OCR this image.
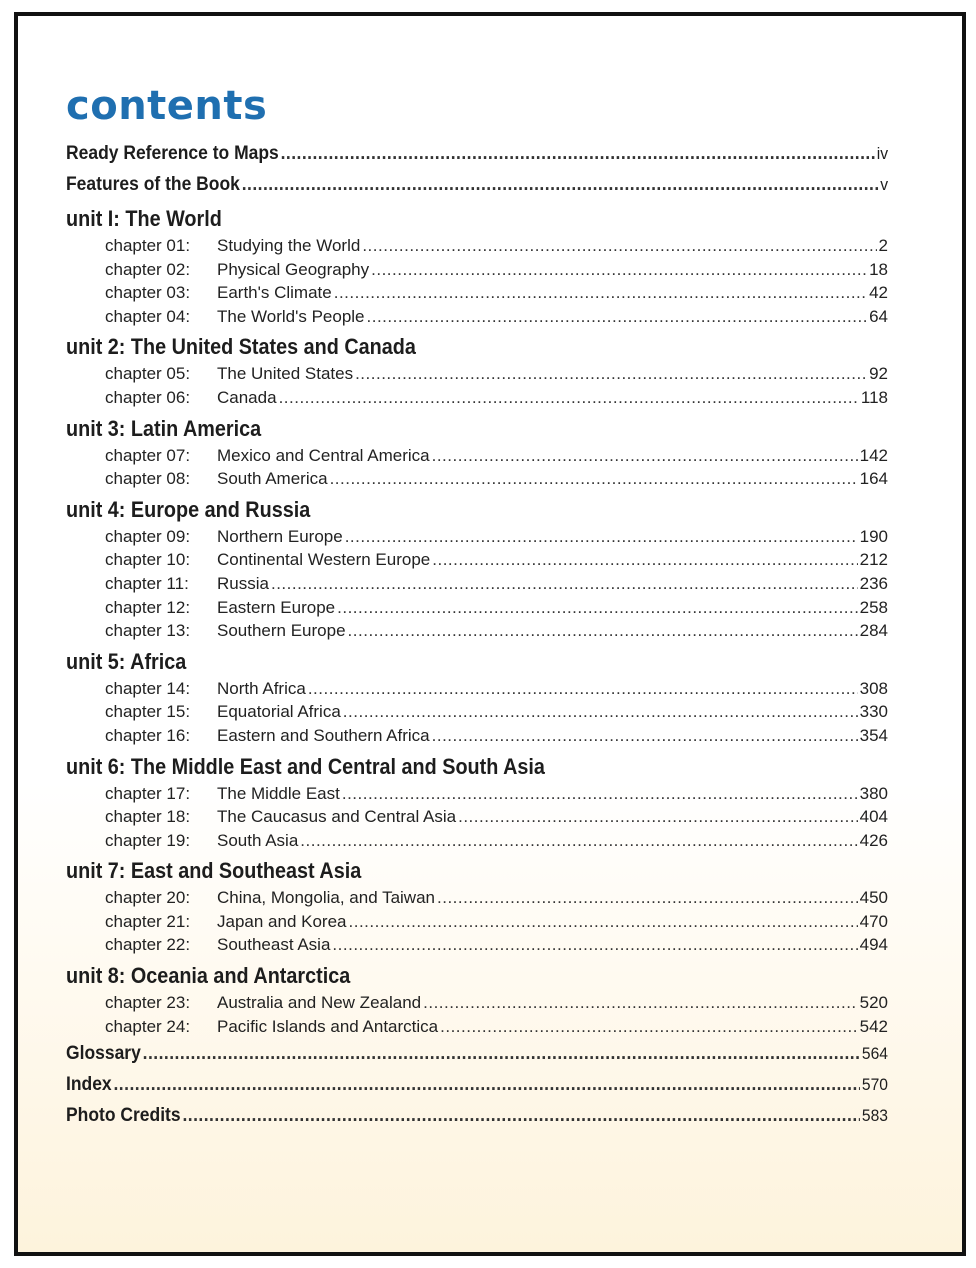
contents
Ready Reference to Maps .....	iv
Features of the Book .....	v
unit I: The World
chapter 01:	Studying the World .....	2
chapter 02:	Physical Geography .....	18
chapter 03:	Earth's Climate .....	42
chapter 04:	The World's People .....	64
unit 2: The United States and Canada
chapter 05:	The United States .....	92
chapter 06:	Canada .....	118
unit 3: Latin America
chapter 07:	Mexico and Central America .....	142
chapter 08:	South America .....	164
unit 4: Europe and Russia
chapter 09:	Northern Europe .....	190
chapter 10:	Continental Western Europe .....	212
chapter 11:	Russia .....	236
chapter 12:	Eastern Europe .....	258
chapter 13:	Southern Europe .....	284
unit 5: Africa
chapter 14:	North Africa .....	308
chapter 15:	Equatorial Africa .....	330
chapter 16:	Eastern and Southern Africa .....	354
unit 6: The Middle East and Central and South Asia
chapter 17:	The Middle East .....	380
chapter 18:	The Caucasus and Central Asia .....	404
chapter 19:	South Asia .....	426
unit 7: East and Southeast Asia
chapter 20:	China, Mongolia, and Taiwan .....	450
chapter 21:	Japan and Korea .....	470
chapter 22:	Southeast Asia .....	494
unit 8: Oceania and Antarctica
chapter 23:	Australia and New Zealand .....	520
chapter 24:	Pacific Islands and Antarctica .....	542
Glossary .....	564
Index .....	570
Photo Credits .....	583
